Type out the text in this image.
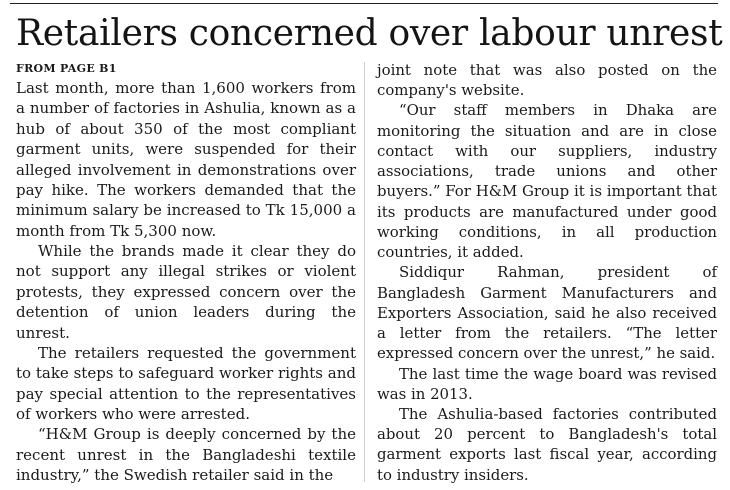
Retailers concerned over labour unrest
FROM PAGE B1

Last month, more than 1,600 workers from a number of factories in Ashulia, known as a hub of about 350 of the most compliant garment units, were suspended for their alleged involvement in demonstrations over pay hike. The workers demanded that the minimum salary be increased to Tk 15,000 a month from Tk 5,300 now.

While the brands made it clear they do not support any illegal strikes or violent protests, they expressed concern over the detention of union leaders during the unrest.

The retailers requested the government to take steps to safeguard worker rights and pay special attention to the representatives of workers who were arrested.

“H&M Group is deeply concerned by the recent unrest in the Bangladeshi textile industry,” the Swedish retailer said in the

joint note that was also posted on the company's website.

“Our staff members in Dhaka are monitoring the situation and are in close contact with our suppliers, industry associations, trade unions and other buyers.” For H&M Group it is important that its products are manufactured under good working conditions, in all production countries, it added.

Siddiqur Rahman, president of Bangladesh Garment Manufacturers and Exporters Association, said he also received a letter from the retailers. “The letter expressed concern over the unrest,” he said.

The last time the wage board was revised was in 2013.

The Ashulia-based factories contributed about 20 percent to Bangladesh's total garment exports last fiscal year, according to industry insiders.
